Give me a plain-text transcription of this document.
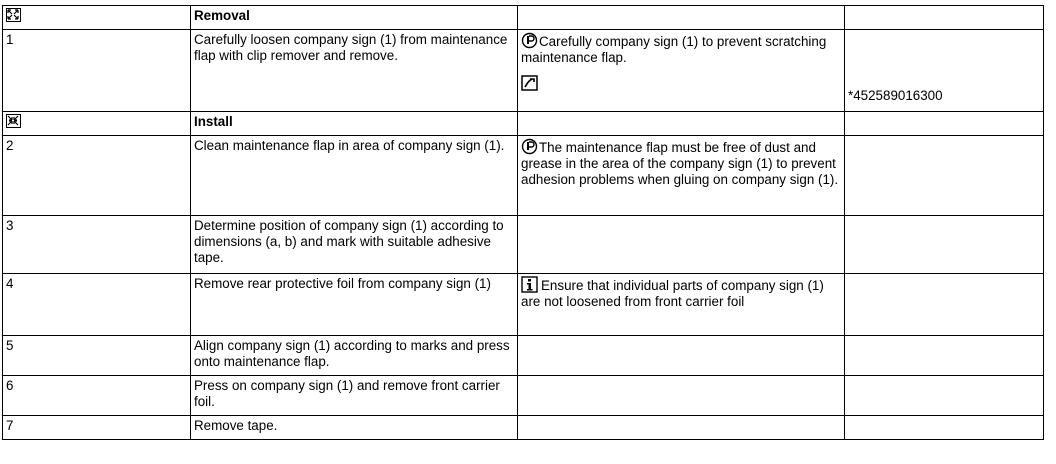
	Removal		
1	Carefully loosen company sign (1) from maintenance flap with clip remover and remove.	Carefully company sign (1) to prevent scratching maintenance flap.	*452589016300

	Install		
2	Clean maintenance flap in area of company sign (1).	The maintenance flap must be free of dust and grease in the area of the company sign (1) to prevent adhesion problems when gluing on company sign (1).	
3	Determine position of company sign (1) according to dimensions (a, b) and mark with suitable adhesive tape.		
4	Remove rear protective foil from company sign (1)	Ensure that individual parts of company sign (1) are not loosened from front carrier foil	
5	Align company sign (1) according to marks and press onto maintenance flap.		
6	Press on company sign (1) and remove front carrier foil.		
7	Remove tape.		
